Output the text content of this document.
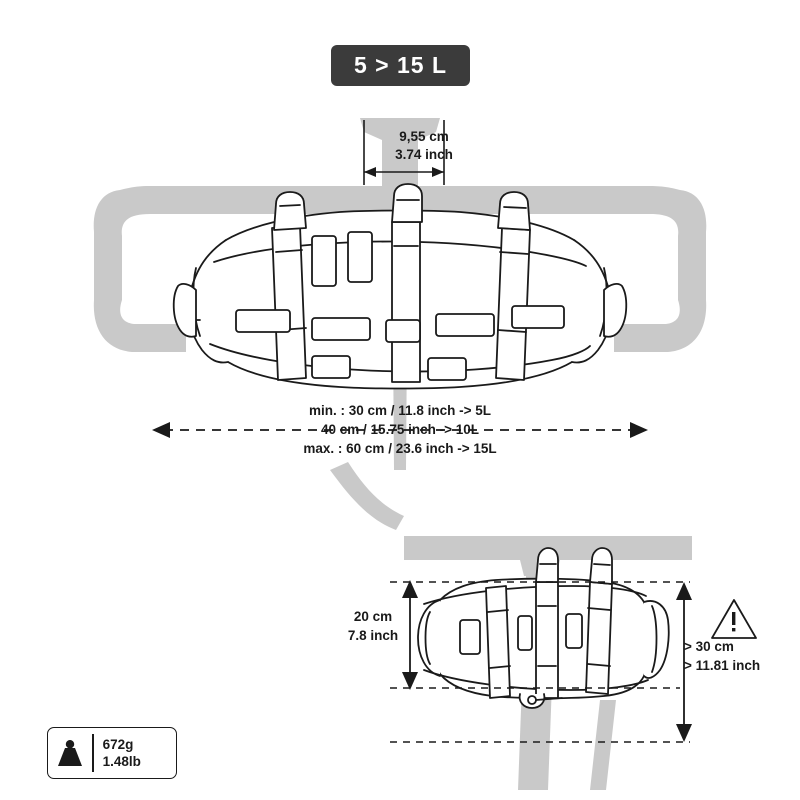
5 > 15 L
9,55 cm
3.74 inch
min. : 30 cm / 11.8 inch -> 5L
40 cm / 15.75 inch -> 10L
max. : 60 cm / 23.6 inch -> 15L
20 cm
7.8 inch
> 30 cm
> 11.81 inch
672g
1.48lb
